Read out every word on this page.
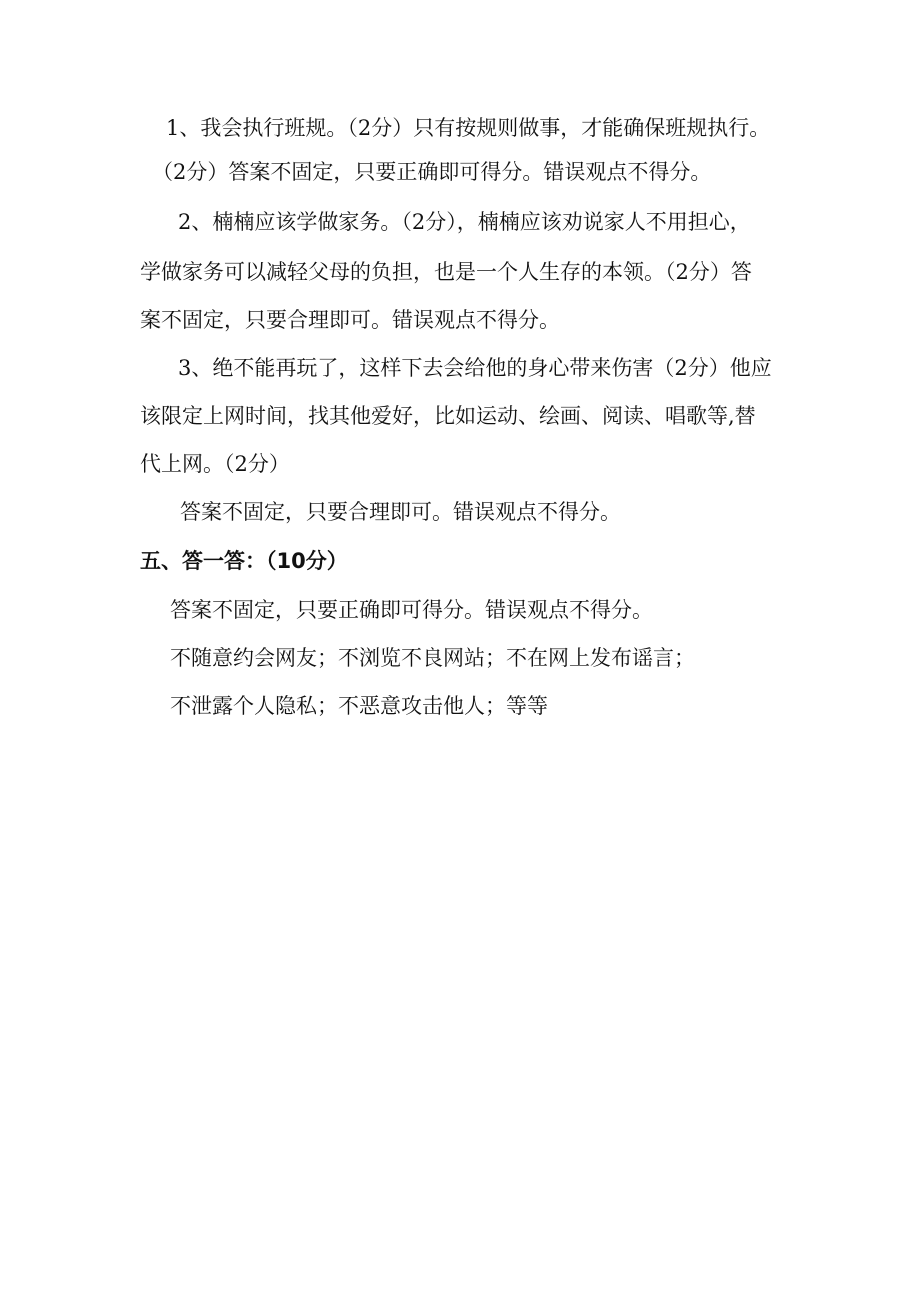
1、我会执行班规。（2分）只有按规则做事，才能确保班规执行。
（2分）答案不固定，只要正确即可得分。错误观点不得分。
2、楠楠应该学做家务。（2分），楠楠应该劝说家人不用担心，
学做家务可以减轻父母的负担，也是一个人生存的本领。（2分）答
案不固定，只要合理即可。错误观点不得分。
3、绝不能再玩了，这样下去会给他的身心带来伤害（2分）他应
该限定上网时间，找其他爱好，比如运动、绘画、阅读、唱歌等,替
代上网。（2分）
答案不固定，只要合理即可。错误观点不得分。
五、答一答：（10分）
答案不固定，只要正确即可得分。错误观点不得分。
不随意约会网友；不浏览不良网站；不在网上发布谣言；
不泄露个人隐私；不恶意攻击他人；等等
